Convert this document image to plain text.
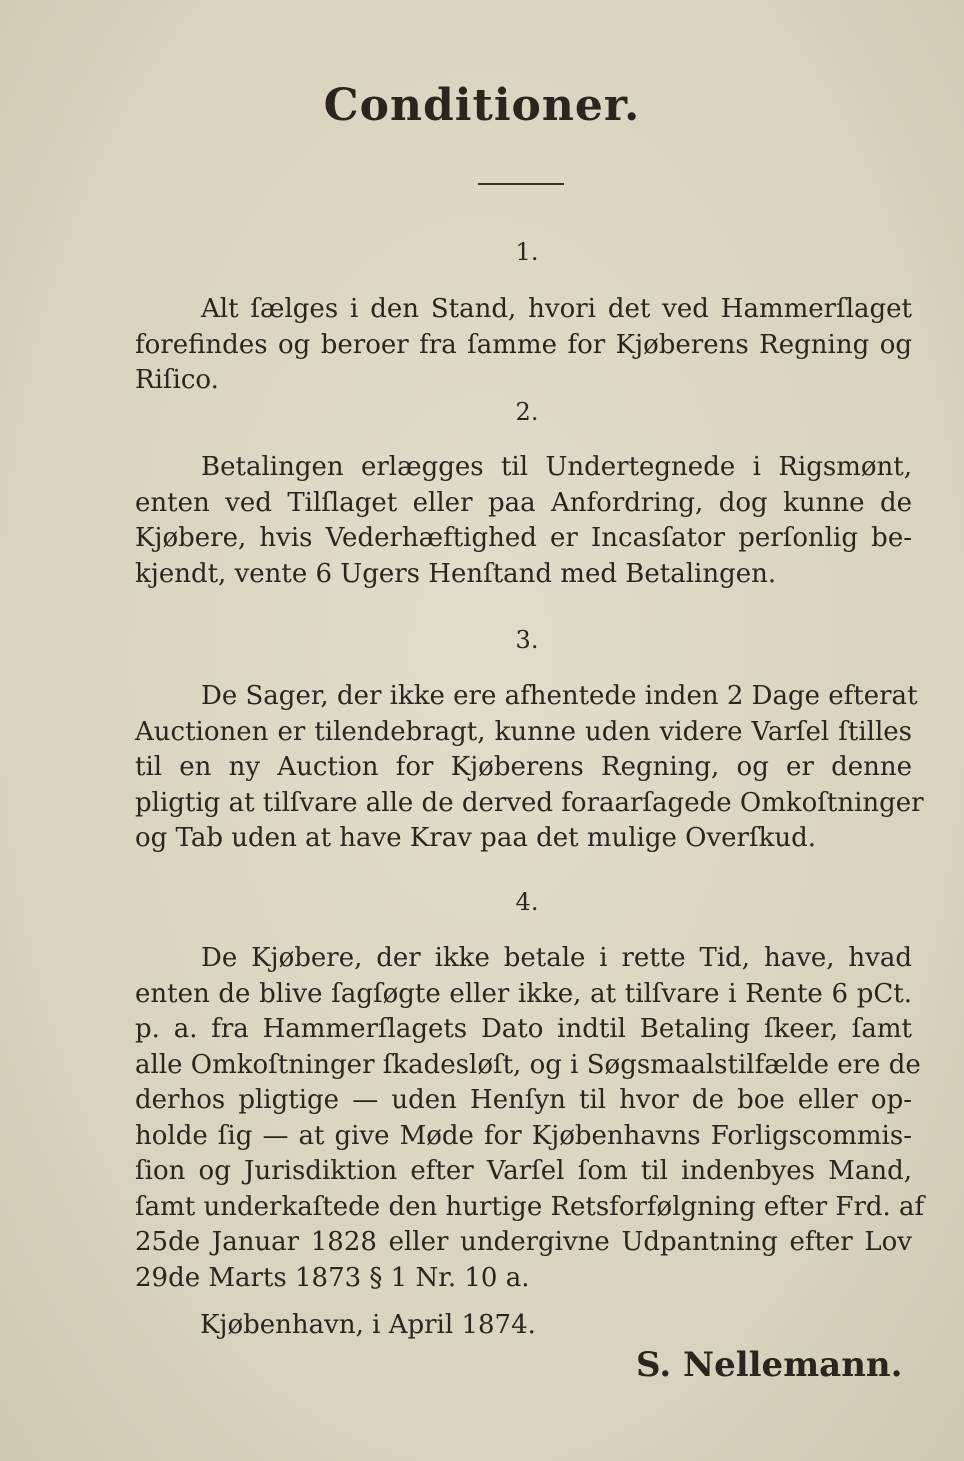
Conditioner.
1.
Alt ſælges i den Stand, hvori det ved Hammerſlaget
forefindes og beroer fra ſamme for Kjøberens Regning og
Riſico.
2.
Betalingen erlægges til Undertegnede i Rigsmønt,
enten ved Tilſlaget eller paa Anfordring, dog kunne de
Kjøbere, hvis Vederhæftighed er Incasſator perſonlig be-
kjendt, vente 6 Ugers Henſtand med Betalingen.
3.
De Sager, der ikke ere afhentede inden 2 Dage efterat
Auctionen er tilendebragt, kunne uden videre Varſel ſtilles
til en ny Auction for Kjøberens Regning, og er denne
pligtig at tilſvare alle de derved foraarſagede Omkoſtninger
og Tab uden at have Krav paa det mulige Overſkud.
4.
De Kjøbere, der ikke betale i rette Tid, have, hvad
enten de blive ſagſøgte eller ikke, at tilſvare i Rente 6 pCt.
p. a. fra Hammerſlagets Dato indtil Betaling ſkeer, ſamt
alle Omkoſtninger ſkadesløſt, og i Søgsmaalstilfælde ere de
derhos pligtige — uden Henſyn til hvor de boe eller op-
holde ſig — at give Møde for Kjøbenhavns Forligscommis-
ſion og Jurisdiktion efter Varſel ſom til indenbyes Mand,
ſamt underkaſtede den hurtige Retsforfølgning efter Frd. af
25de Januar 1828 eller undergivne Udpantning efter Lov
29de Marts 1873 § 1 Nr. 10 a.
Kjøbenhavn, i April 1874.
S. Nellemann.
